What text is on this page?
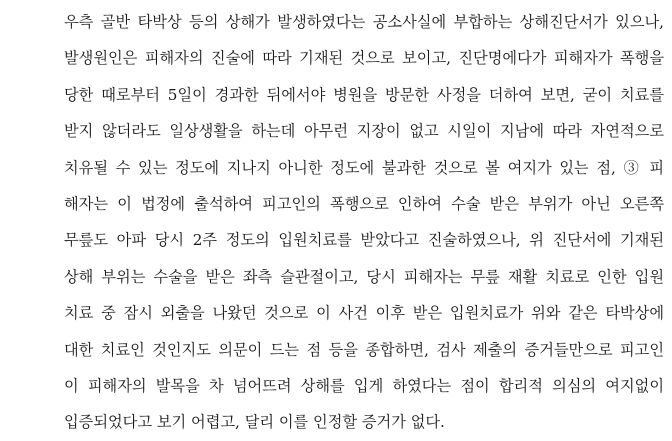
우측 골반 타박상 등의 상해가 발생하였다는 공소사실에 부합하는 상해진단서가 있으나,
발생원인은 피해자의 진술에 따라 기재된 것으로 보이고, 진단명에다가 피해자가 폭행을
당한 때로부터 5일이 경과한 뒤에서야 병원을 방문한 사정을 더하여 보면, 굳이 치료를
받지 않더라도 일상생활을 하는데 아무런 지장이 없고 시일이 지남에 따라 자연적으로
치유될 수 있는 정도에 지나지 아니한 정도에 불과한 것으로 볼 여지가 있는 점, ③ 피
해자는 이 법정에 출석하여 피고인의 폭행으로 인하여 수술 받은 부위가 아닌 오른쪽
무릎도 아파 당시 2주 정도의 입원치료를 받았다고 진술하였으나, 위 진단서에 기재된
상해 부위는 수술을 받은 좌측 슬관절이고, 당시 피해자는 무릎 재활 치료로 인한 입원
치료 중 잠시 외출을 나왔던 것으로 이 사건 이후 받은 입원치료가 위와 같은 타박상에
대한 치료인 것인지도 의문이 드는 점 등을 종합하면, 검사 제출의 증거들만으로 피고인
이 피해자의 발목을 차 넘어뜨려 상해를 입게 하였다는 점이 합리적 의심의 여지없이
입증되었다고 보기 어렵고, 달리 이를 인정할 증거가 없다.
